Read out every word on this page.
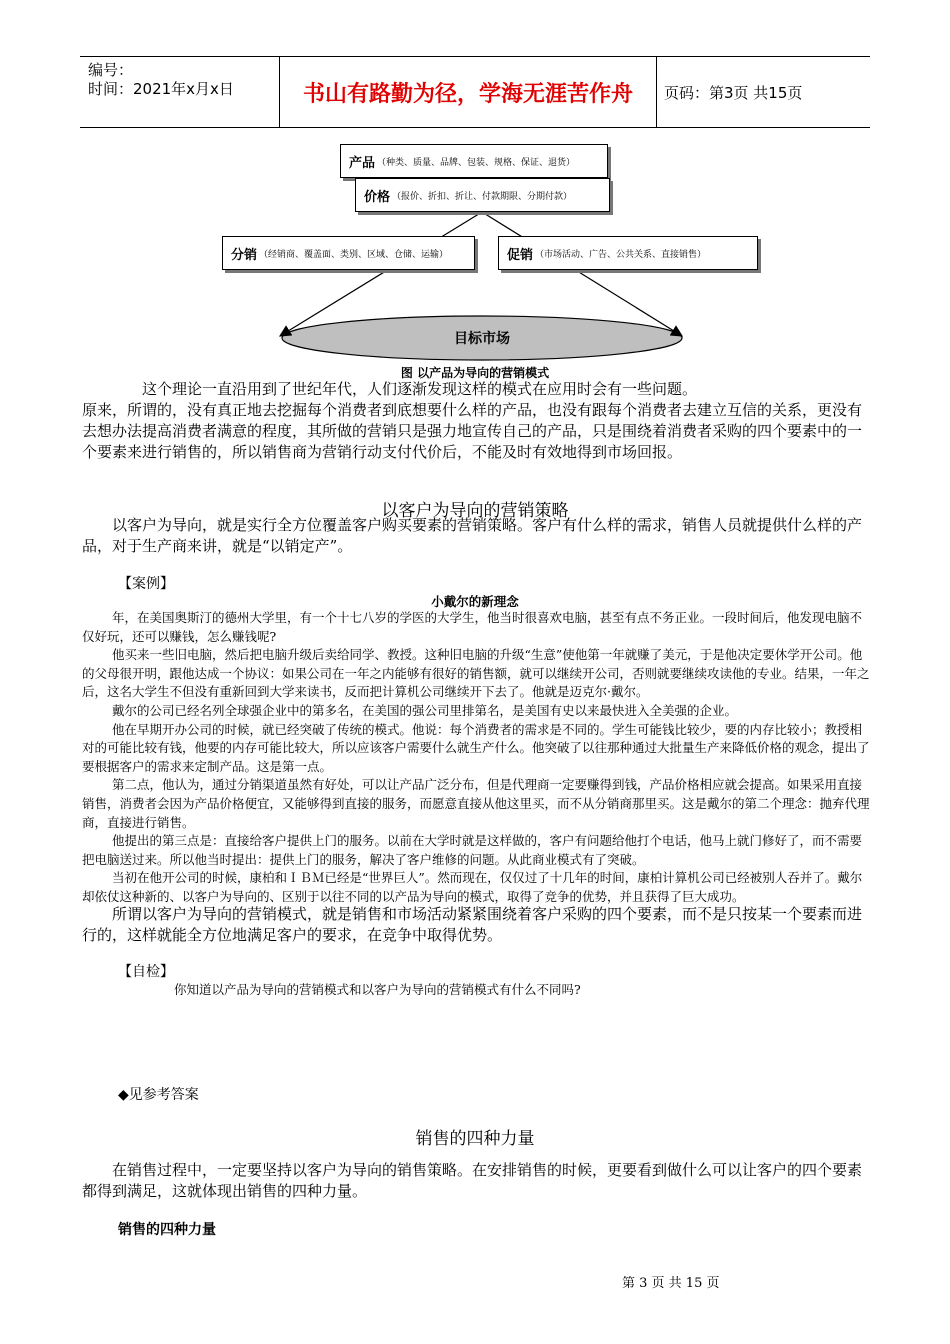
编号：
时间：2021年x月x日	书山有路勤为径，学海无涯苦作舟	页码：第3页 共15页
产品 （种类、质量、品牌、包装、规格、保证、退货）
价格 （报价、折扣、折让、付款期限、分期付款）
分销 （经销商、覆盖面、类别、区域、仓储、运输）	促销 （市场活动、广告、公共关系、直接销售）
目标市场
图 以产品为导向的营销模式
这个理论一直沿用到了世纪年代，人们逐渐发现这样的模式在应用时会有一些问题。
原来，所谓的，没有真正地去挖掘每个消费者到底想要什么样的产品，也没有跟每个消费者去建立互信的关系，更没有去想办法提高消费者满意的程度，其所做的营销只是强力地宣传自己的产品，只是围绕着消费者采购的四个要素中的一个要素来进行销售的，所以销售商为营销行动支付代价后，不能及时有效地得到市场回报。
以客户为导向的营销策略
以客户为导向，就是实行全方位覆盖客户购买要素的营销策略。客户有什么样的需求，销售人员就提供什么样的产品，对于生产商来讲，就是“以销定产”。
【案例】
小戴尔的新理念
年，在美国奥斯汀的德州大学里，有一个十七八岁的学医的大学生，他当时很喜欢电脑，甚至有点不务正业。一段时间后，他发现电脑不仅好玩，还可以赚钱，怎么赚钱呢?
他买来一些旧电脑，然后把电脑升级后卖给同学、教授。这种旧电脑的升级“生意”使他第一年就赚了美元，于是他决定要休学开公司。他的父母很开明，跟他达成一个协议：如果公司在一年之内能够有很好的销售额，就可以继续开公司，否则就要继续攻读他的专业。结果，一年之后，这名大学生不但没有重新回到大学来读书，反而把计算机公司继续开下去了。他就是迈克尔·戴尔。
戴尔的公司已经名列全球强企业中的第多名，在美国的强公司里排第名，是美国有史以来最快进入全美强的企业。
他在早期开办公司的时候，就已经突破了传统的模式。他说：每个消费者的需求是不同的。学生可能钱比较少，要的内存比较小；教授相对的可能比较有钱，他要的内存可能比较大，所以应该客户需要什么就生产什么。他突破了以往那种通过大批量生产来降低价格的观念，提出了要根据客户的需求来定制产品。这是第一点。
第二点，他认为，通过分销渠道虽然有好处，可以让产品广泛分布，但是代理商一定要赚得到钱，产品价格相应就会提高。如果采用直接销售，消费者会因为产品价格便宜，又能够得到直接的服务，而愿意直接从他这里买，而不从分销商那里买。这是戴尔的第二个理念：抛弃代理商，直接进行销售。
他提出的第三点是：直接给客户提供上门的服务。以前在大学时就是这样做的，客户有问题给他打个电话，他马上就门修好了，而不需要把电脑送过来。所以他当时提出：提供上门的服务，解决了客户维修的问题。从此商业模式有了突破。
当初在他开公司的时候，康柏和ＩＢＭ已经是“世界巨人”。然而现在，仅仅过了十几年的时间，康柏计算机公司已经被别人吞并了。戴尔却依仗这种新的、以客户为导向的、区别于以往不同的以产品为导向的模式，取得了竞争的优势，并且获得了巨大成功。
所谓以客户为导向的营销模式，就是销售和市场活动紧紧围绕着客户采购的四个要素，而不是只按某一个要素而进行的，这样就能全方位地满足客户的要求，在竞争中取得优势。
【自检】
你知道以产品为导向的营销模式和以客户为导向的营销模式有什么不同吗?
◆见参考答案
销售的四种力量
在销售过程中，一定要坚持以客户为导向的销售策略。在安排销售的时候，更要看到做什么可以让客户的四个要素都得到满足，这就体现出销售的四种力量。
销售的四种力量
第 3 页 共 15 页
